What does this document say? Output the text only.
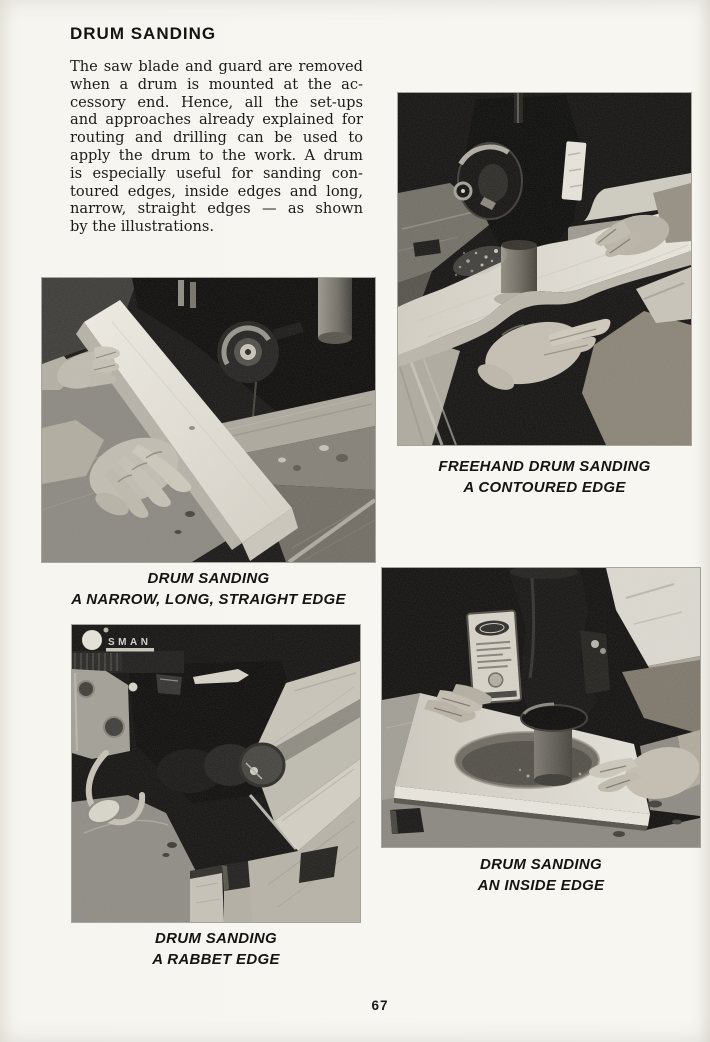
DRUM SANDING
The saw blade and guard are removed
when a drum is mounted at the ac-
cessory end. Hence, all the set-ups
and approaches already explained for
routing and drilling can be used to
apply the drum to the work. A drum
is especially useful for sanding con-
toured edges, inside edges and long,
narrow, straight edges — as shown
by the illustrations.
FREEHAND DRUM SANDING
A CONTOURED EDGE
DRUM SANDING
A NARROW, LONG, STRAIGHT EDGE
DRUM SANDING
AN INSIDE EDGE
DRUM SANDING
A RABBET EDGE
67
